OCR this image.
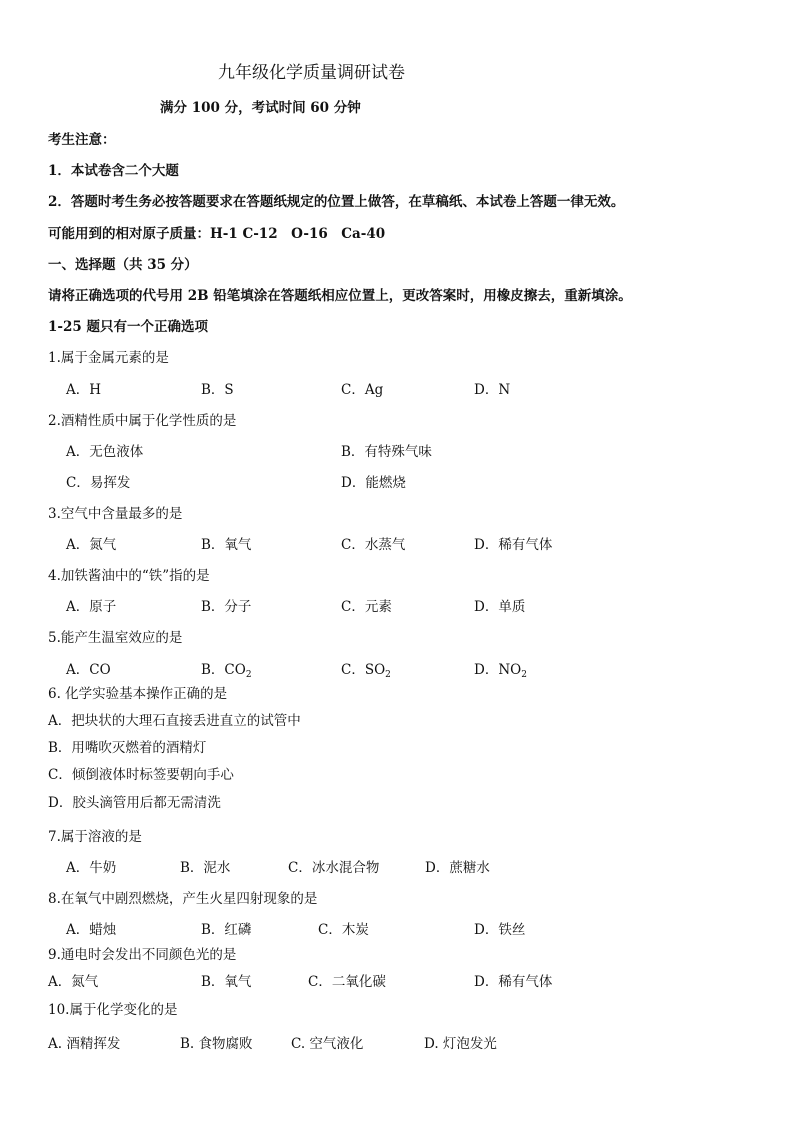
九年级化学质量调研试卷
满分 100 分，考试时间 60 分钟
考生注意：
1．本试卷含二个大题
2．答题时考生务必按答题要求在答题纸规定的位置上做答，在草稿纸、本试卷上答题一律无效。
可能用到的相对原子质量：H-1 C-12　O-16　Ca-40
一、选择题（共 35 分）
请将正确选项的代号用 2B 铅笔填涂在答题纸相应位置上，更改答案时，用橡皮擦去，重新填涂。
1-25 题只有一个正确选项
1.属于金属元素的是
A．H	B．S	C．Ag	D．N
2.酒精性质中属于化学性质的是
A．无色液体	B．有特殊气味
C．易挥发	D．能燃烧
3.空气中含量最多的是
A．氮气	B．氧气	C．水蒸气	D．稀有气体
4.加铁酱油中的“铁”指的是
A．原子	B．分子	C．元素	D．单质
5.能产生温室效应的是
A．CO	B．$CO_2$	C．$SO_2$	D．$NO_2$
6. 化学实验基本操作正确的是
A．把块状的大理石直接丢进直立的试管中
B．用嘴吹灭燃着的酒精灯
C．倾倒液体时标签要朝向手心
D．胶头滴管用后都无需清洗
7.属于溶液的是
A．牛奶	B．泥水	C．冰水混合物	D．蔗糖水
8.在氧气中剧烈燃烧，产生火星四射现象的是
A．蜡烛	B．红磷	C．木炭	D．铁丝
9.通电时会发出不同颜色光的是
A．氮气	B．氧气	C．二氧化碳	D．稀有气体
10.属于化学变化的是
A. 酒精挥发	B. 食物腐败	C. 空气液化	D. 灯泡发光
